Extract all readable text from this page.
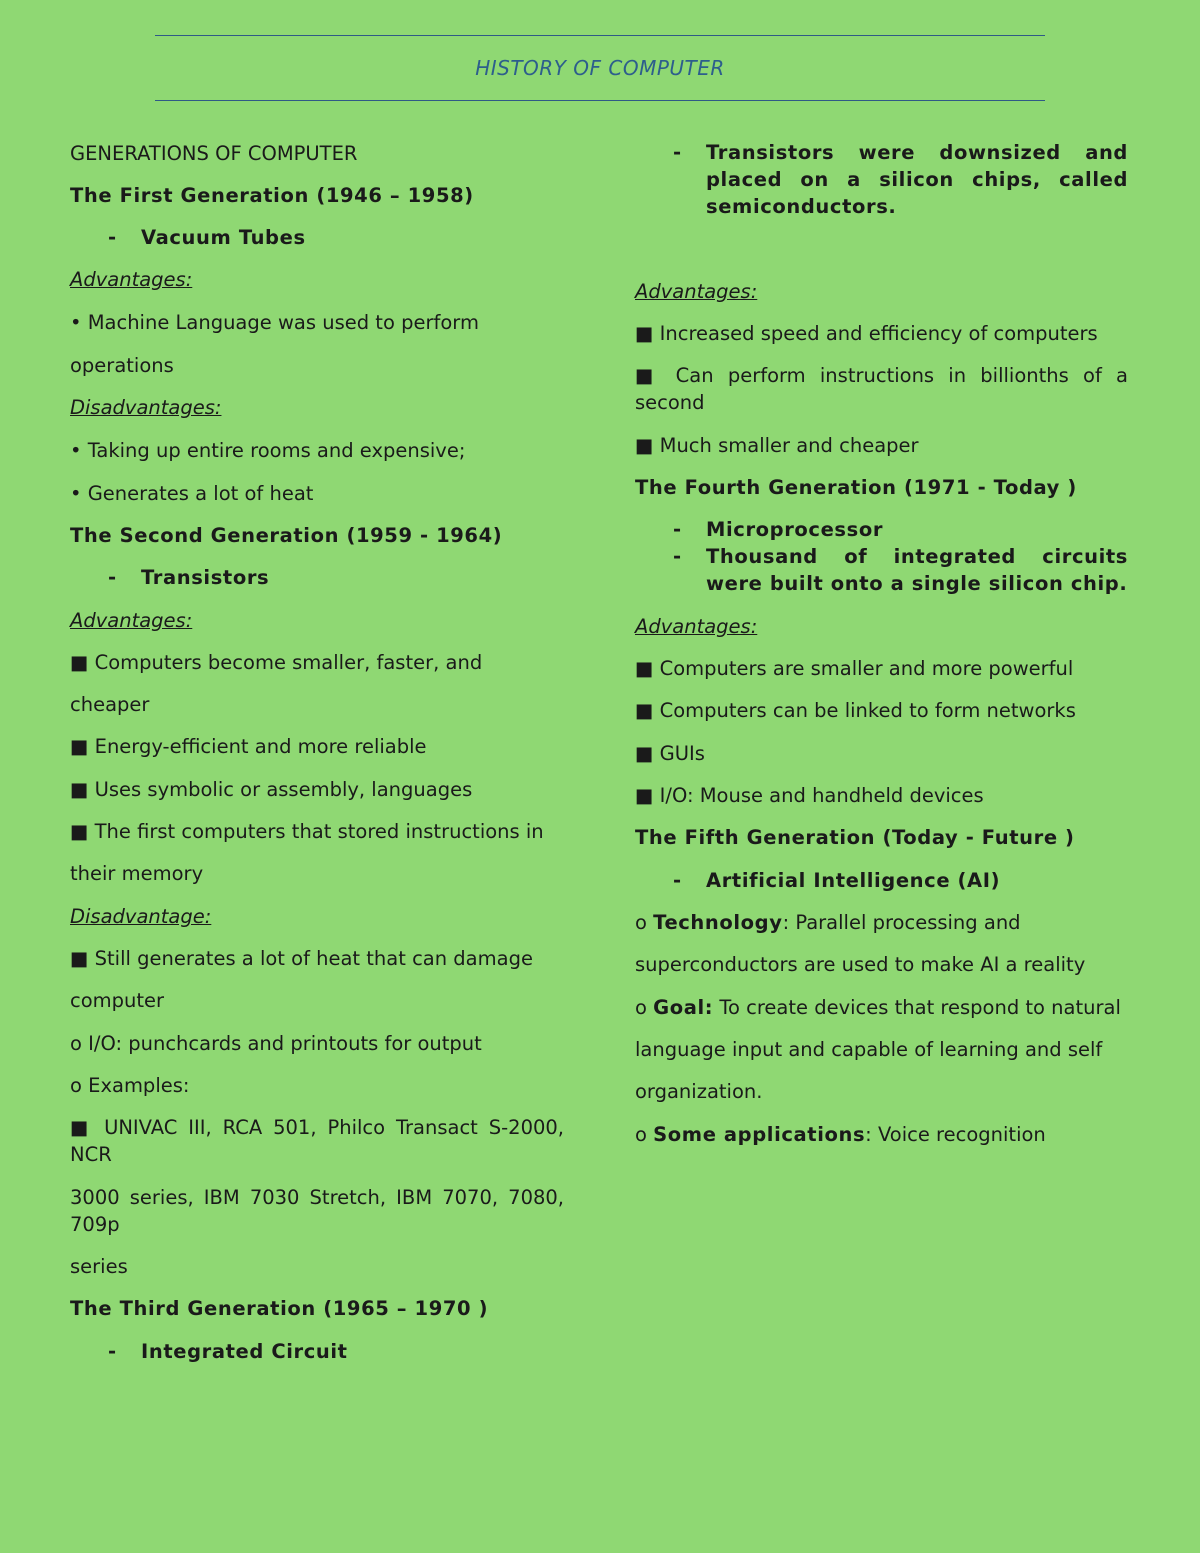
HISTORY OF COMPUTER

GENERATIONS OF COMPUTER

The First Generation (1946 – 1958)

-	Vacuum Tubes

Advantages:

• Machine Language was used to perform

operations

Disadvantages:

• Taking up entire rooms and expensive;

• Generates a lot of heat

The Second Generation (1959 - 1964)

-	Transistors

Advantages:

■ Computers become smaller, faster, and

cheaper

■ Energy-efficient and more reliable

■ Uses symbolic or assembly, languages

■ The first computers that stored instructions in

their memory

Disadvantage:

■ Still generates a lot of heat that can damage

computer

o I/O: punchcards and printouts for output

o Examples:

■ UNIVAC III, RCA 501, Philco Transact S-2000, NCR

3000 series, IBM 7030 Stretch, IBM 7070, 7080, 709p

series

The Third Generation (1965 – 1970 )

-	Integrated Circuit
-	Transistors were downsized and placed on a silicon chips, called semiconductors.

Advantages:

■ Increased speed and efficiency of computers

■ Can perform instructions in billionths of a second

■ Much smaller and cheaper

The Fourth Generation (1971 - Today )

-	Microprocessor
-	Thousand of integrated circuits were built onto a single silicon chip.

Advantages:

■ Computers are smaller and more powerful

■ Computers can be linked to form networks

■ GUIs

■ I/O: Mouse and handheld devices

The Fifth Generation (Today - Future )

-	Artificial Intelligence (AI)

o Technology: Parallel processing and

superconductors are used to make AI a reality

o Goal: To create devices that respond to natural

language input and capable of learning and self

organization.

o Some applications: Voice recognition
